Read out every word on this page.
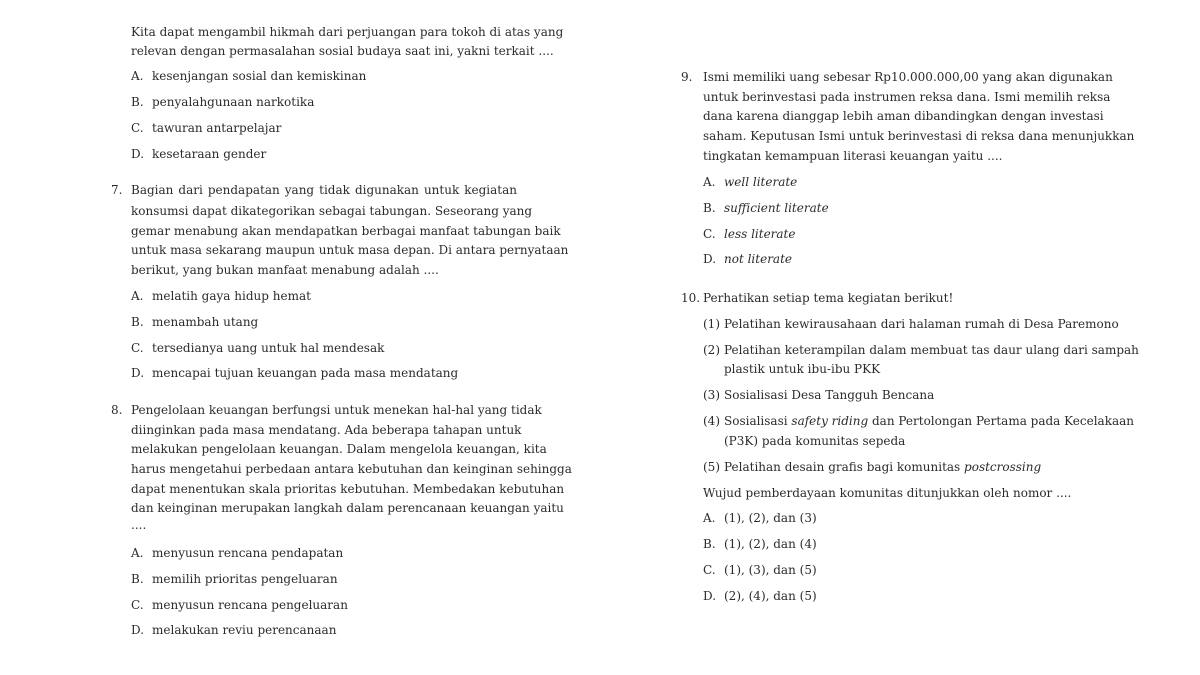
Kita dapat mengambil hikmah dari perjuangan para tokoh di atas yang
relevan dengan permasalahan sosial budaya saat ini, yakni terkait ....
A. kesenjangan sosial dan kemiskinan
B. penyalahgunaan narkotika
C. tawuran antarpelajar
D. kesetaraan gender
7. Bagian dari pendapatan yang tidak digunakan untuk kegiatan
konsumsi dapat dikategorikan sebagai tabungan. Seseorang yang
gemar menabung akan mendapatkan berbagai manfaat tabungan baik
untuk masa sekarang maupun untuk masa depan. Di antara pernyataan
berikut, yang bukan manfaat menabung adalah ....
A. melatih gaya hidup hemat
B. menambah utang
C. tersedianya uang untuk hal mendesak
D. mencapai tujuan keuangan pada masa mendatang
8. Pengelolaan keuangan berfungsi untuk menekan hal-hal yang tidak
diinginkan pada masa mendatang. Ada beberapa tahapan untuk
melakukan pengelolaan keuangan. Dalam mengelola keuangan, kita
harus mengetahui perbedaan antara kebutuhan dan keinginan sehingga
dapat menentukan skala prioritas kebutuhan. Membedakan kebutuhan
dan keinginan merupakan langkah dalam perencanaan keuangan yaitu
....
A. menyusun rencana pendapatan
B. memilih prioritas pengeluaran
C. menyusun rencana pengeluaran
D. melakukan reviu perencanaan
9. Ismi memiliki uang sebesar Rp10.000.000,00 yang akan digunakan
untuk berinvestasi pada instrumen reksa dana. Ismi memilih reksa
dana karena dianggap lebih aman dibandingkan dengan investasi
saham. Keputusan Ismi untuk berinvestasi di reksa dana menunjukkan
tingkatan kemampuan literasi keuangan yaitu ....
A. well literate
B. sufficient literate
C. less literate
D. not literate
10. Perhatikan setiap tema kegiatan berikut!
(1) Pelatihan kewirausahaan dari halaman rumah di Desa Paremono
(2) Pelatihan keterampilan dalam membuat tas daur ulang dari sampah
plastik untuk ibu-ibu PKK
(3) Sosialisasi Desa Tangguh Bencana
(4) Sosialisasi safety riding dan Pertolongan Pertama pada Kecelakaan
(P3K) pada komunitas sepeda
(5) Pelatihan desain grafis bagi komunitas postcrossing
Wujud pemberdayaan komunitas ditunjukkan oleh nomor ....
A. (1), (2), dan (3)
B. (1), (2), dan (4)
C. (1), (3), dan (5)
D. (2), (4), dan (5)
